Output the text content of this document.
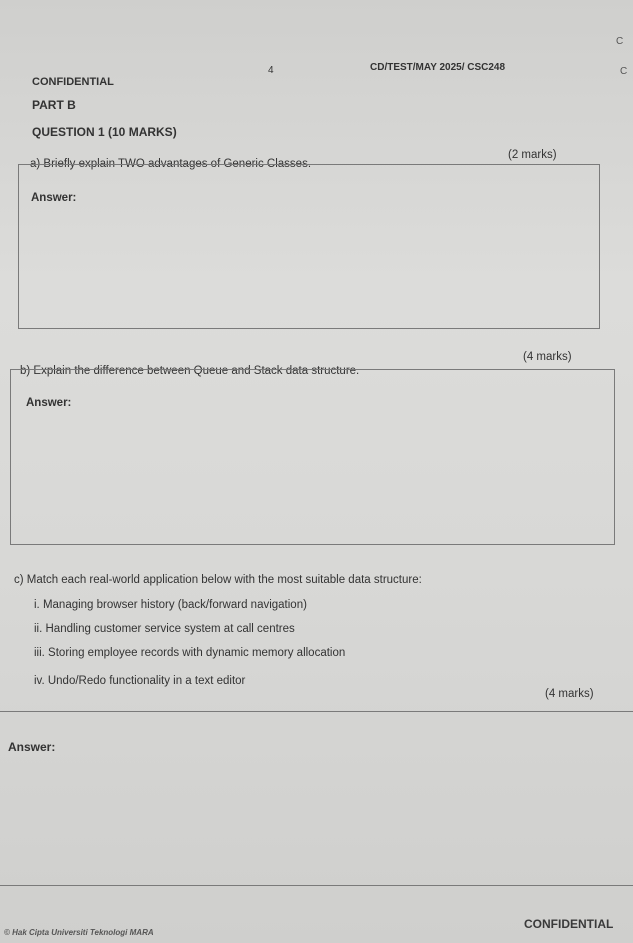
4
CONFIDENTIAL
CD/TEST/MAY 2025/ CSC248
C
C
PART B
QUESTION 1 (10 MARKS)
a) Briefly explain TWO advantages of Generic Classes.
(2 marks)
Answer:
b) Explain the difference between Queue and Stack data structure.
(4 marks)
Answer:
c) Match each real-world application below with the most suitable data structure:
i. Managing browser history (back/forward navigation)
ii. Handling customer service system at call centres
iii. Storing employee records with dynamic memory allocation
iv. Undo/Redo functionality in a text editor
(4 marks)
Answer:
© Hak Cipta Universiti Teknologi MARA
CONFIDENTIAL
